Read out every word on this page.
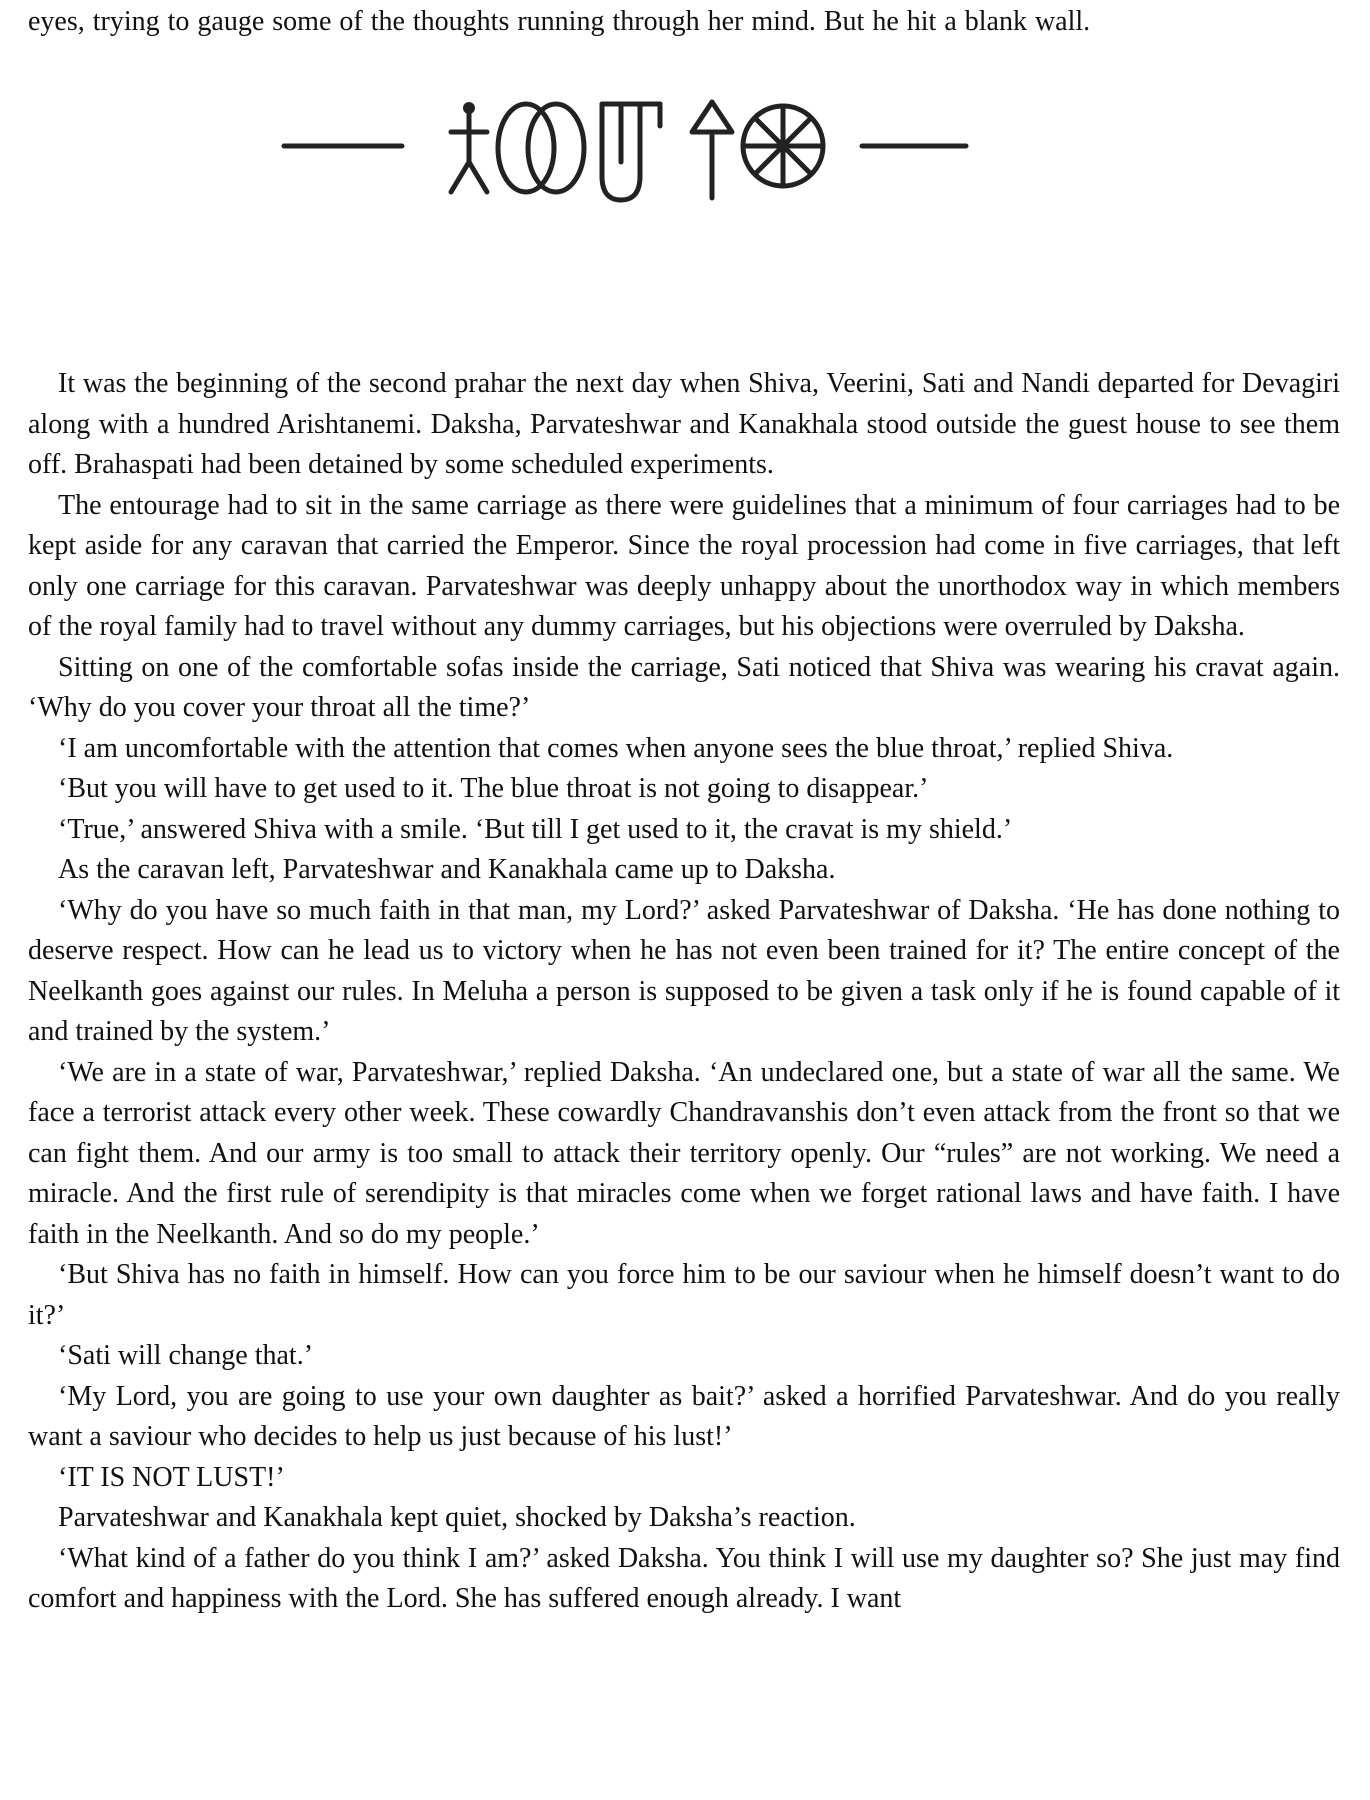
eyes, trying to gauge some of the thoughts running through her mind. But he hit a blank wall.

It was the beginning of the second prahar the next day when Shiva, Veerini, Sati and Nandi departed for Devagiri along with a hundred Arishtanemi. Daksha, Parvateshwar and Kanakhala stood outside the guest house to see them off. Brahaspati had been detained by some scheduled experiments.

The entourage had to sit in the same carriage as there were guidelines that a minimum of four carriages had to be kept aside for any caravan that carried the Emperor. Since the royal procession had come in five carriages, that left only one carriage for this caravan. Parvateshwar was deeply unhappy about the unorthodox way in which members of the royal family had to travel without any dummy carriages, but his objections were overruled by Daksha.

Sitting on one of the comfortable sofas inside the carriage, Sati noticed that Shiva was wearing his cravat again. ‘Why do you cover your throat all the time?’

‘I am uncomfortable with the attention that comes when anyone sees the blue throat,’ replied Shiva.

‘But you will have to get used to it. The blue throat is not going to disappear.’

‘True,’ answered Shiva with a smile. ‘But till I get used to it, the cravat is my shield.’

As the caravan left, Parvateshwar and Kanakhala came up to Daksha.

‘Why do you have so much faith in that man, my Lord?’ asked Parvateshwar of Daksha. ‘He has done nothing to deserve respect. How can he lead us to victory when he has not even been trained for it? The entire concept of the Neelkanth goes against our rules. In Meluha a person is supposed to be given a task only if he is found capable of it and trained by the system.’

‘We are in a state of war, Parvateshwar,’ replied Daksha. ‘An undeclared one, but a state of war all the same. We face a terrorist attack every other week. These cowardly Chandravanshis don’t even attack from the front so that we can fight them. And our army is too small to attack their territory openly. Our “rules” are not working. We need a miracle. And the first rule of serendipity is that miracles come when we forget rational laws and have faith. I have faith in the Neelkanth. And so do my people.’

‘But Shiva has no faith in himself. How can you force him to be our saviour when he himself doesn’t want to do it?’

‘Sati will change that.’

‘My Lord, you are going to use your own daughter as bait?’ asked a horrified Parvateshwar. And do you really want a saviour who decides to help us just because of his lust!’

‘IT IS NOT LUST!’

Parvateshwar and Kanakhala kept quiet, shocked by Daksha’s reaction.

‘What kind of a father do you think I am?’ asked Daksha. You think I will use my daughter so? She just may find comfort and happiness with the Lord. She has suffered enough already. I want
